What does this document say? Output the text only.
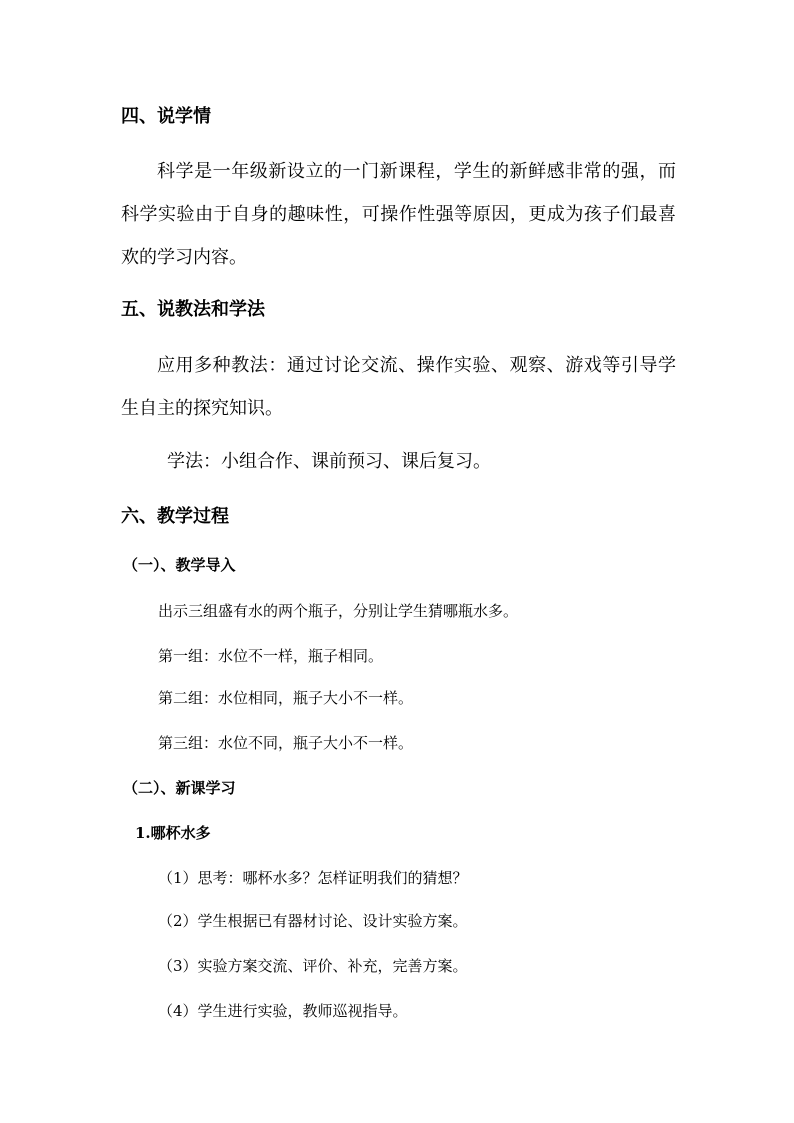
四、说学情
科学是一年级新设立的一门新课程，学生的新鲜感非常的强，而科学实验由于自身的趣味性，可操作性强等原因，更成为孩子们最喜欢的学习内容。
五、说教法和学法
应用多种教法：通过讨论交流、操作实验、观察、游戏等引导学生自主的探究知识。
学法：小组合作、课前预习、课后复习。
六、教学过程
（一）、教学导入
出示三组盛有水的两个瓶子，分别让学生猜哪瓶水多。
第一组：水位不一样，瓶子相同。
第二组：水位相同，瓶子大小不一样。
第三组：水位不同，瓶子大小不一样。
（二）、新课学习
1.哪杯水多
（1）思考：哪杯水多？怎样证明我们的猜想？
（2）学生根据已有器材讨论、设计实验方案。
（3）实验方案交流、评价、补充，完善方案。
（4）学生进行实验，教师巡视指导。
